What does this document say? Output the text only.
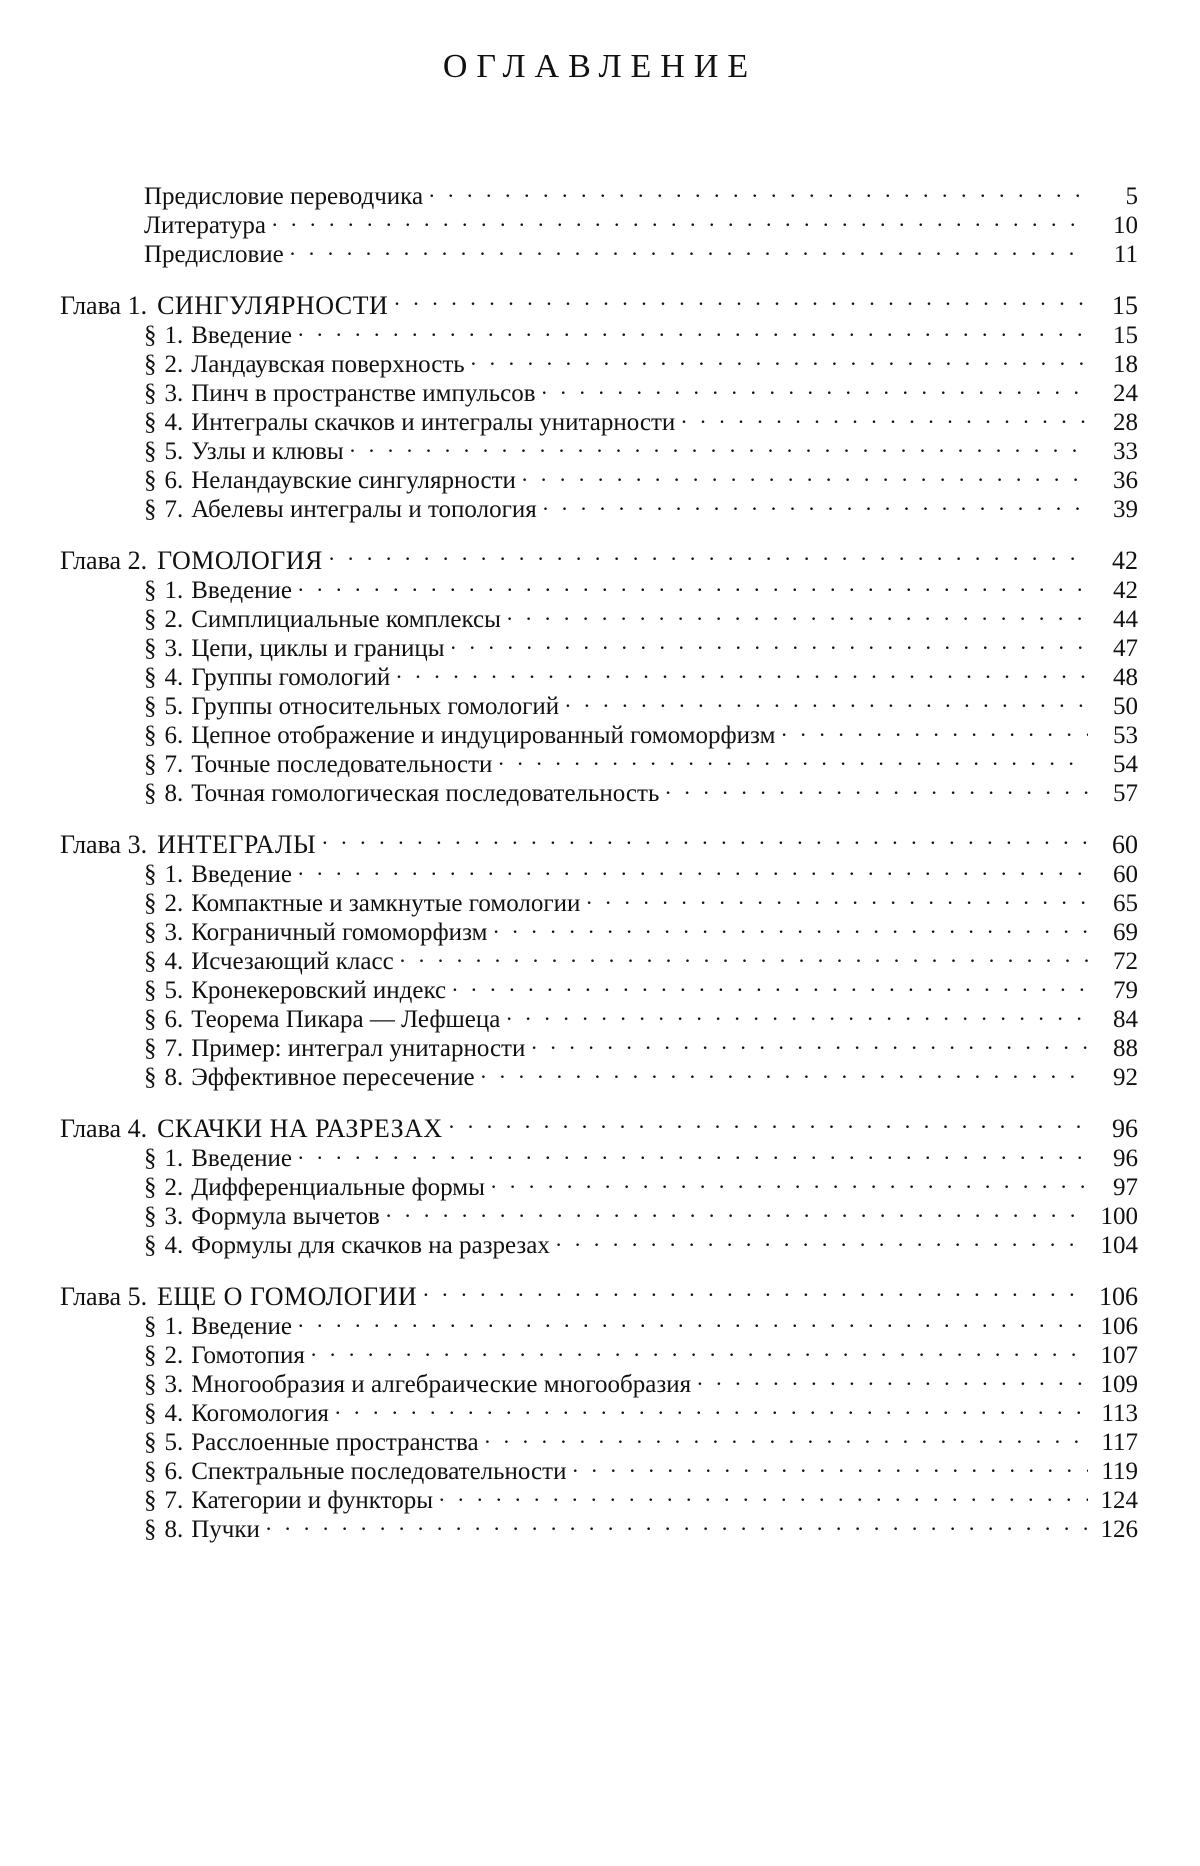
ОГЛАВЛЕНИЕ
Предисловие переводчика . . .	5
Литература . . .	10
Предисловие . . .	11
Глава 1. СИНГУЛЯРНОСТИ . . .	15
§ 1. Введение . . .	15
§ 2. Ландаувская поверхность . . .	18
§ 3. Пинч в пространстве импульсов . . .	24
§ 4. Интегралы скачков и интегралы унитарности . . .	28
§ 5. Узлы и клювы . . .	33
§ 6. Неландаувские сингулярности . . .	36
§ 7. Абелевы интегралы и топология . . .	39
Глава 2. ГОМОЛОГИЯ . . .	42
§ 1. Введение . . .	42
§ 2. Симплициальные комплексы . . .	44
§ 3. Цепи, циклы и границы . . .	47
§ 4. Группы гомологий . . .	48
§ 5. Группы относительных гомологий . . .	50
§ 6. Цепное отображение и индуцированный гомоморфизм . . .	53
§ 7. Точные последовательности . . .	54
§ 8. Точная гомологическая последовательность . . .	57
Глава 3. ИНТЕГРАЛЫ . . .	60
§ 1. Введение . . .	60
§ 2. Компактные и замкнутые гомологии . . .	65
§ 3. Кограничный гомоморфизм . . .	69
§ 4. Исчезающий класс . . .	72
§ 5. Кронекеровский индекс . . .	79
§ 6. Теорема Пикара — Лефшеца . . .	84
§ 7. Пример: интеграл унитарности . . .	88
§ 8. Эффективное пересечение . . .	92
Глава 4. СКАЧКИ НА РАЗРЕЗАХ . . .	96
§ 1. Введение . . .	96
§ 2. Дифференциальные формы . . .	97
§ 3. Формула вычетов . . .	100
§ 4. Формулы для скачков на разрезах . . .	104
Глава 5. ЕЩЕ О ГОМОЛОГИИ . . .	106
§ 1. Введение . . .	106
§ 2. Гомотопия . . .	107
§ 3. Многообразия и алгебраические многообразия . . .	109
§ 4. Когомология . . .	113
§ 5. Расслоенные пространства . . .	117
§ 6. Спектральные последовательности . . .	119
§ 7. Категории и функторы . . .	124
§ 8. Пучки . . .	126
